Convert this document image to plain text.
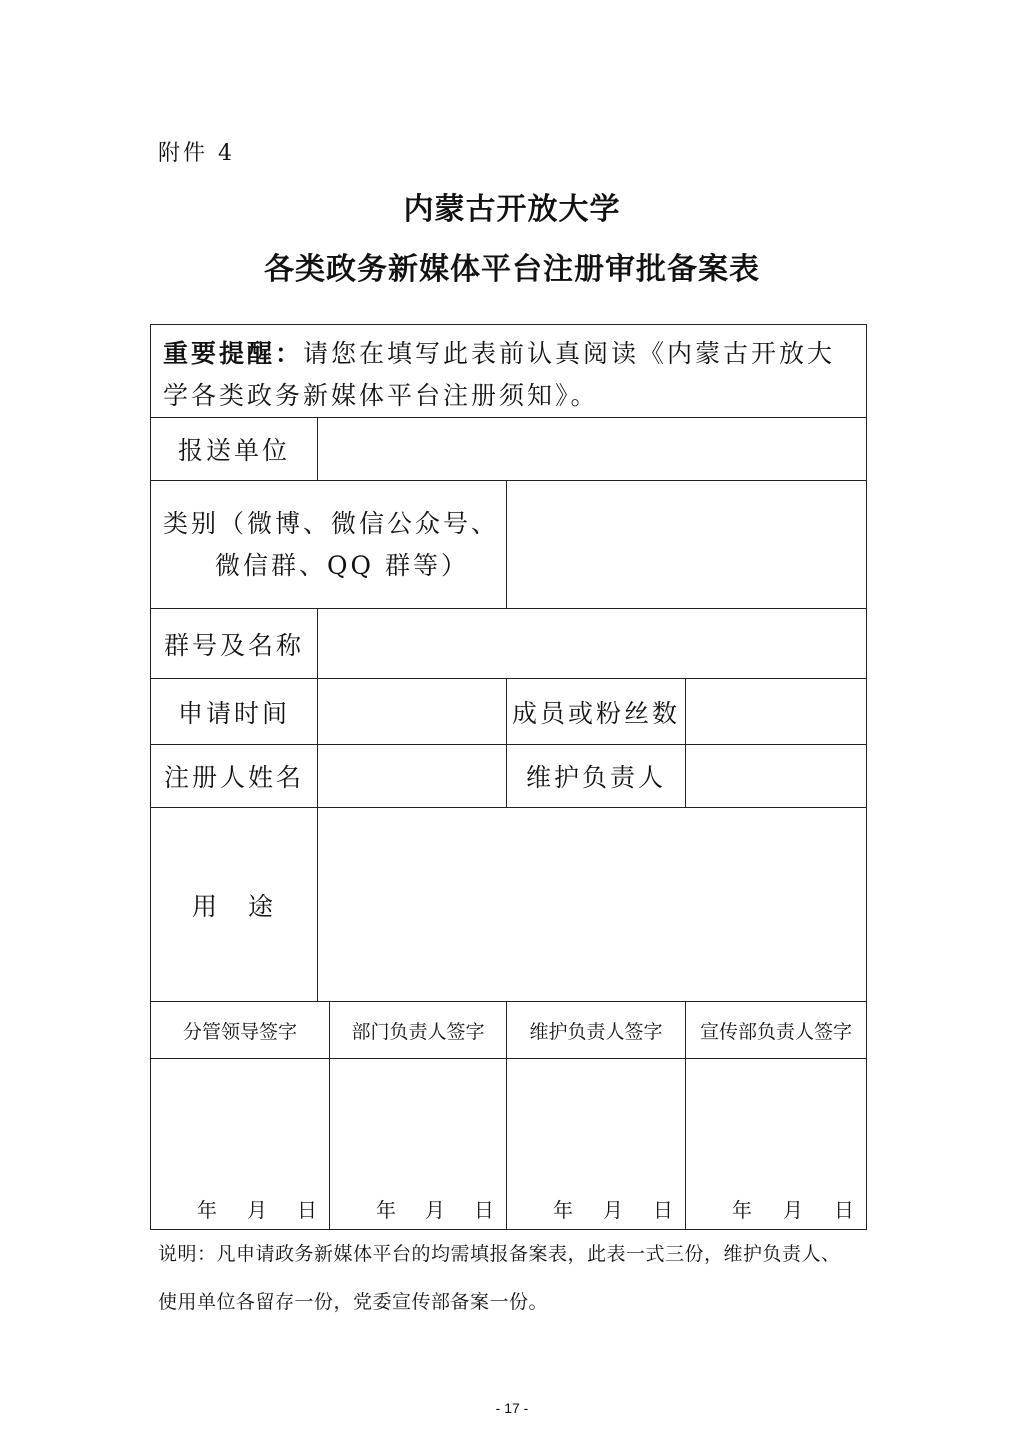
附件 4
内蒙古开放大学
各类政务新媒体平台注册审批备案表
重要提醒：请您在填写此表前认真阅读《内蒙古开放大学各类政务新媒体平台注册须知》。				
报送单位				

类别（微博、微信公众号、
微信群、QQ 群等）				

群号及名称				
申请时间			成员或粉丝数	
注册人姓名			维护负责人	
用　途				
分管领导签字		部门负责人签字	维护负责人签字	宣传部负责人签字

年 月 日		年 月 日	年 月 日	年 月 日

说明：凡申请政务新媒体平台的均需填报备案表，此表一式三份，维护负责人、

使用单位各留存一份，党委宣传部备案一份。

- 17 -
